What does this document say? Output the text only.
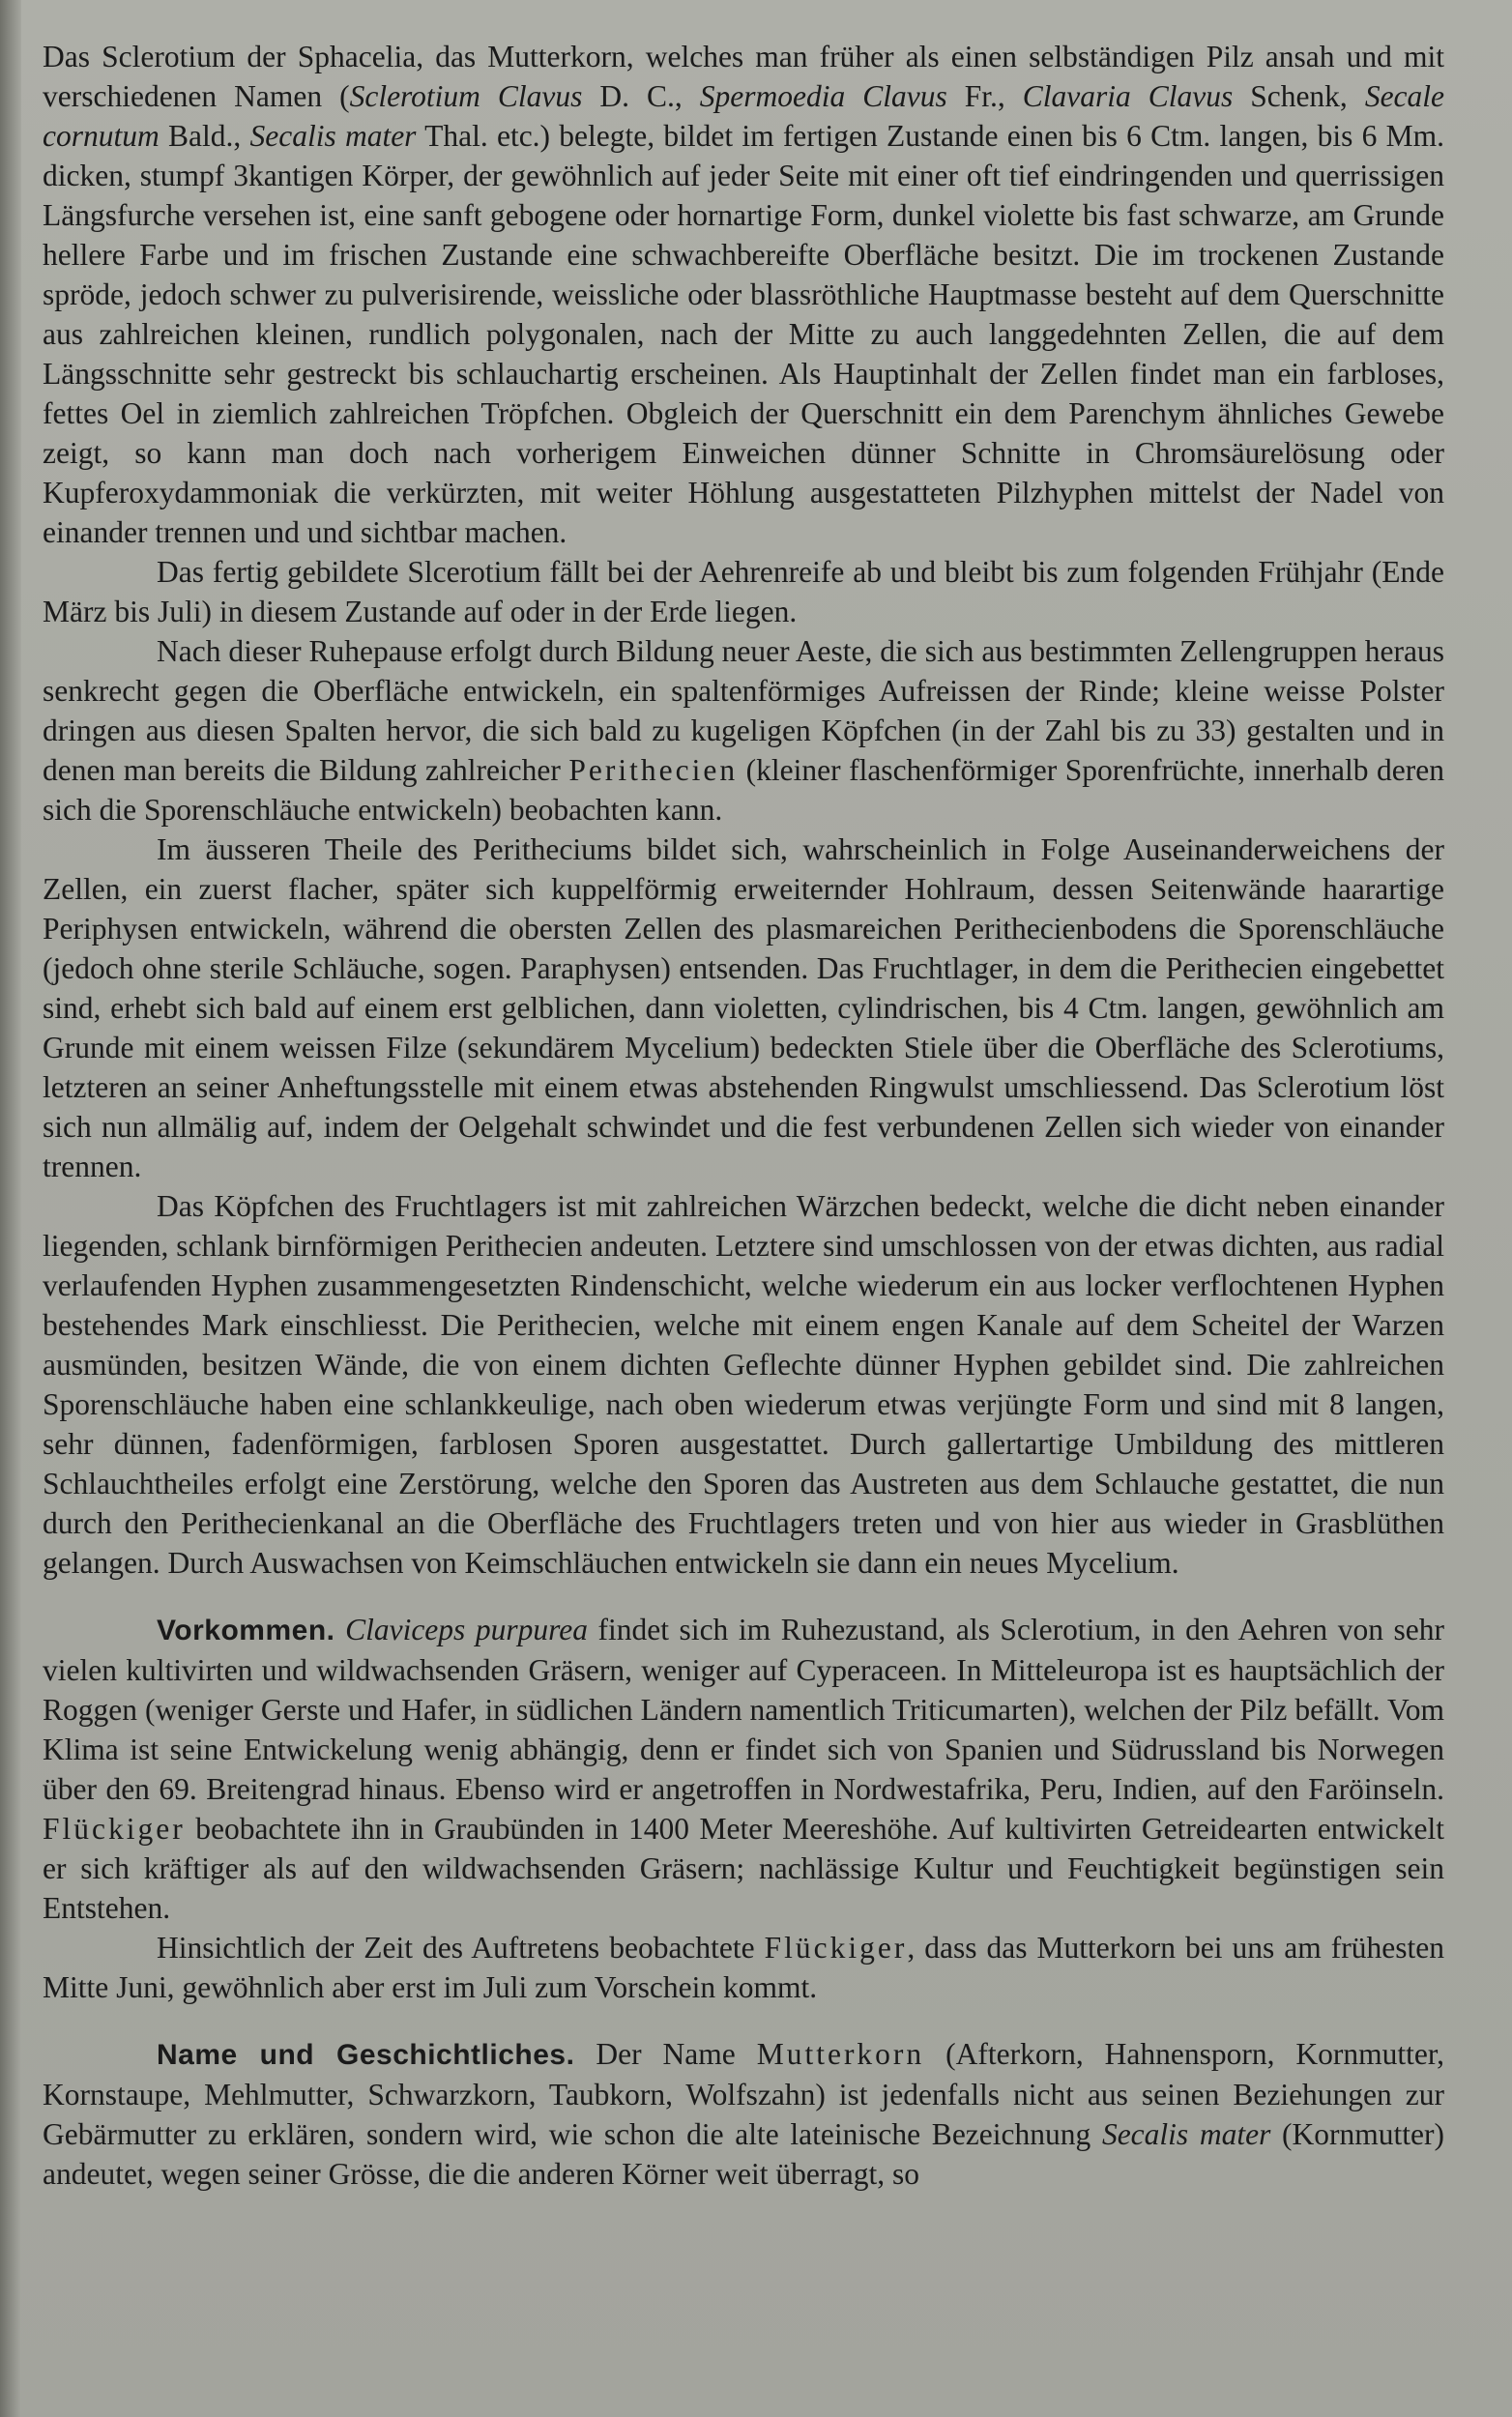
Das Sclerotium der Sphacelia, das Mutterkorn, welches man früher als einen selbständigen Pilz ansah und mit verschiedenen Namen (Sclerotium Clavus D. C., Spermoedia Clavus Fr., Clavaria Clavus Schenk, Secale cornutum Bald., Secalis mater Thal. etc.) belegte, bildet im fertigen Zustande einen bis 6 Ctm. langen, bis 6 Mm. dicken, stumpf 3kantigen Körper, der gewöhnlich auf jeder Seite mit einer oft tief eindringenden und querrissigen Längsfurche versehen ist, eine sanft gebogene oder hornartige Form, dunkel violette bis fast schwarze, am Grunde hellere Farbe und im frischen Zustande eine schwachbereifte Oberfläche besitzt. Die im trockenen Zustande spröde, jedoch schwer zu pulverisirende, weissliche oder blassröthliche Hauptmasse besteht auf dem Querschnitte aus zahlreichen kleinen, rundlich polygonalen, nach der Mitte zu auch langgedehnten Zellen, die auf dem Längsschnitte sehr gestreckt bis schlauchartig erscheinen. Als Hauptinhalt der Zellen findet man ein farbloses, fettes Oel in ziemlich zahlreichen Tröpfchen. Obgleich der Querschnitt ein dem Parenchym ähnliches Gewebe zeigt, so kann man doch nach vorherigem Einweichen dünner Schnitte in Chromsäurelösung oder Kupferoxydammoniak die verkürzten, mit weiter Höhlung ausgestatteten Pilzhyphen mittelst der Nadel von einander trennen und und sichtbar machen.

Das fertig gebildete Slcerotium fällt bei der Aehrenreife ab und bleibt bis zum folgenden Frühjahr (Ende März bis Juli) in diesem Zustande auf oder in der Erde liegen.

Nach dieser Ruhepause erfolgt durch Bildung neuer Aeste, die sich aus bestimmten Zellengruppen heraus senkrecht gegen die Oberfläche entwickeln, ein spaltenförmiges Aufreissen der Rinde; kleine weisse Polster dringen aus diesen Spalten hervor, die sich bald zu kugeligen Köpfchen (in der Zahl bis zu 33) gestalten und in denen man bereits die Bildung zahlreicher Perithecien (kleiner flaschenförmiger Sporenfrüchte, innerhalb deren sich die Sporenschläuche entwickeln) beobachten kann.

Im äusseren Theile des Peritheciums bildet sich, wahrscheinlich in Folge Auseinanderweichens der Zellen, ein zuerst flacher, später sich kuppelförmig erweiternder Hohlraum, dessen Seitenwände haarartige Periphysen entwickeln, während die obersten Zellen des plasmareichen Perithecienbodens die Sporenschläuche (jedoch ohne sterile Schläuche, sogen. Paraphysen) entsenden. Das Fruchtlager, in dem die Perithecien eingebettet sind, erhebt sich bald auf einem erst gelblichen, dann violetten, cylindrischen, bis 4 Ctm. langen, gewöhnlich am Grunde mit einem weissen Filze (sekundärem Mycelium) bedeckten Stiele über die Oberfläche des Sclerotiums, letzteren an seiner Anheftungsstelle mit einem etwas abstehenden Ringwulst umschliessend. Das Sclerotium löst sich nun allmälig auf, indem der Oelgehalt schwindet und die fest verbundenen Zellen sich wieder von einander trennen.

Das Köpfchen des Fruchtlagers ist mit zahlreichen Wärzchen bedeckt, welche die dicht neben einander liegenden, schlank birnförmigen Perithecien andeuten. Letztere sind umschlossen von der etwas dichten, aus radial verlaufenden Hyphen zusammengesetzten Rindenschicht, welche wiederum ein aus locker verflochtenen Hyphen bestehendes Mark einschliesst. Die Perithecien, welche mit einem engen Kanale auf dem Scheitel der Warzen ausmünden, besitzen Wände, die von einem dichten Geflechte dünner Hyphen gebildet sind. Die zahlreichen Sporenschläuche haben eine schlankkeulige, nach oben wiederum etwas verjüngte Form und sind mit 8 langen, sehr dünnen, fadenförmigen, farblosen Sporen ausgestattet. Durch gallertartige Umbildung des mittleren Schlauchtheiles erfolgt eine Zerstörung, welche den Sporen das Austreten aus dem Schlauche gestattet, die nun durch den Perithecienkanal an die Oberfläche des Fruchtlagers treten und von hier aus wieder in Grasblüthen gelangen. Durch Auswachsen von Keimschläuchen entwickeln sie dann ein neues Mycelium.

Vorkommen. Claviceps purpurea findet sich im Ruhezustand, als Sclerotium, in den Aehren von sehr vielen kultivirten und wildwachsenden Gräsern, weniger auf Cyperaceen. In Mitteleuropa ist es hauptsächlich der Roggen (weniger Gerste und Hafer, in südlichen Ländern namentlich Triticumarten), welchen der Pilz befällt. Vom Klima ist seine Entwickelung wenig abhängig, denn er findet sich von Spanien und Südrussland bis Norwegen über den 69. Breitengrad hinaus. Ebenso wird er angetroffen in Nordwestafrika, Peru, Indien, auf den Faröinseln. Flückiger beobachtete ihn in Graubünden in 1400 Meter Meereshöhe. Auf kultivirten Getreidearten entwickelt er sich kräftiger als auf den wildwachsenden Gräsern; nachlässige Kultur und Feuchtigkeit begünstigen sein Entstehen.

Hinsichtlich der Zeit des Auftretens beobachtete Flückiger, dass das Mutterkorn bei uns am frühesten Mitte Juni, gewöhnlich aber erst im Juli zum Vorschein kommt.

Name und Geschichtliches. Der Name Mutterkorn (Afterkorn, Hahnensporn, Kornmutter, Kornstaupe, Mehlmutter, Schwarzkorn, Taubkorn, Wolfszahn) ist jedenfalls nicht aus seinen Beziehungen zur Gebärmutter zu erklären, sondern wird, wie schon die alte lateinische Bezeichnung Secalis mater (Kornmutter) andeutet, wegen seiner Grösse, die die anderen Körner weit überragt, so
